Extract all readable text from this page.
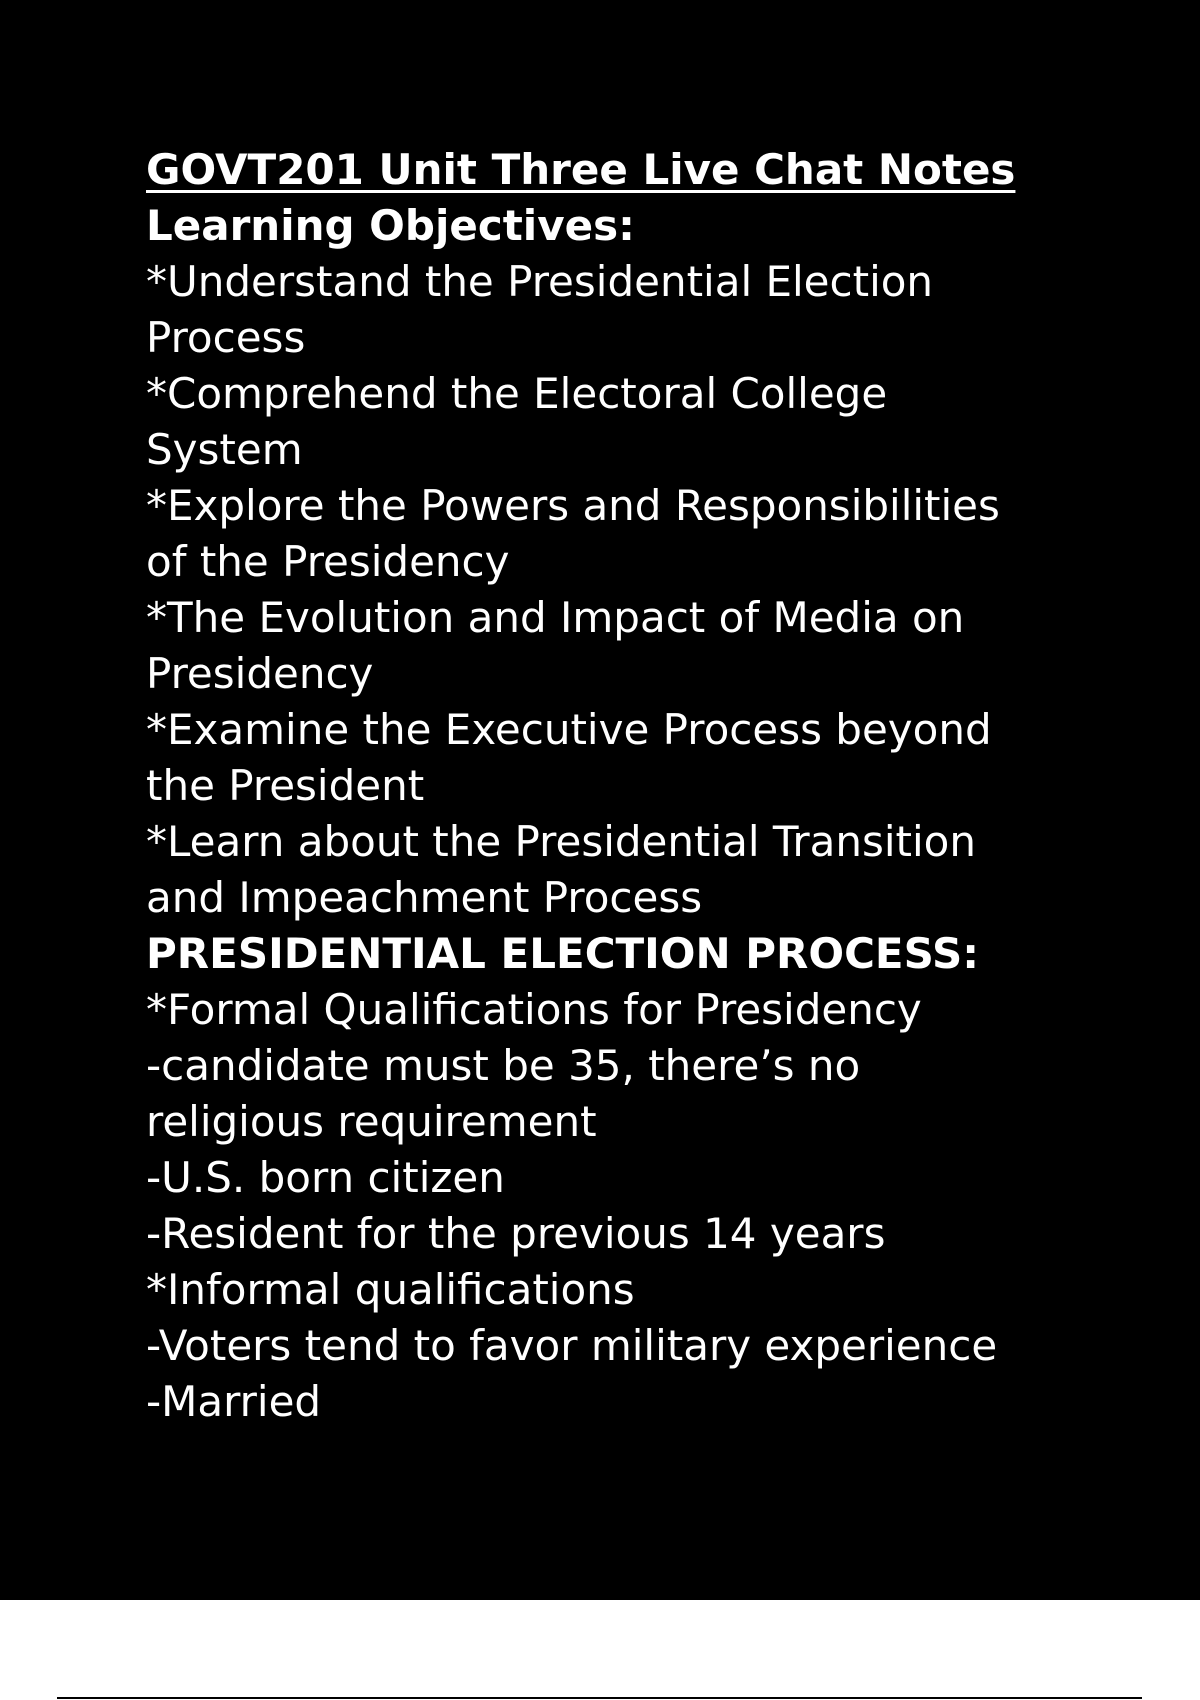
GOVT201 Unit Three Live Chat Notes
Learning Objectives:
*Understand the Presidential Election
Process
*Comprehend the Electoral College
System
*Explore the Powers and Responsibilities
of the Presidency
*The Evolution and Impact of Media on
Presidency
*Examine the Executive Process beyond
the President
*Learn about the Presidential Transition
and Impeachment Process
PRESIDENTIAL ELECTION PROCESS:
*Formal Qualifications for Presidency
-candidate must be 35, there’s no
religious requirement
-U.S. born citizen
-Resident for the previous 14 years
*Informal qualifications
-Voters tend to favor military experience
-Married
